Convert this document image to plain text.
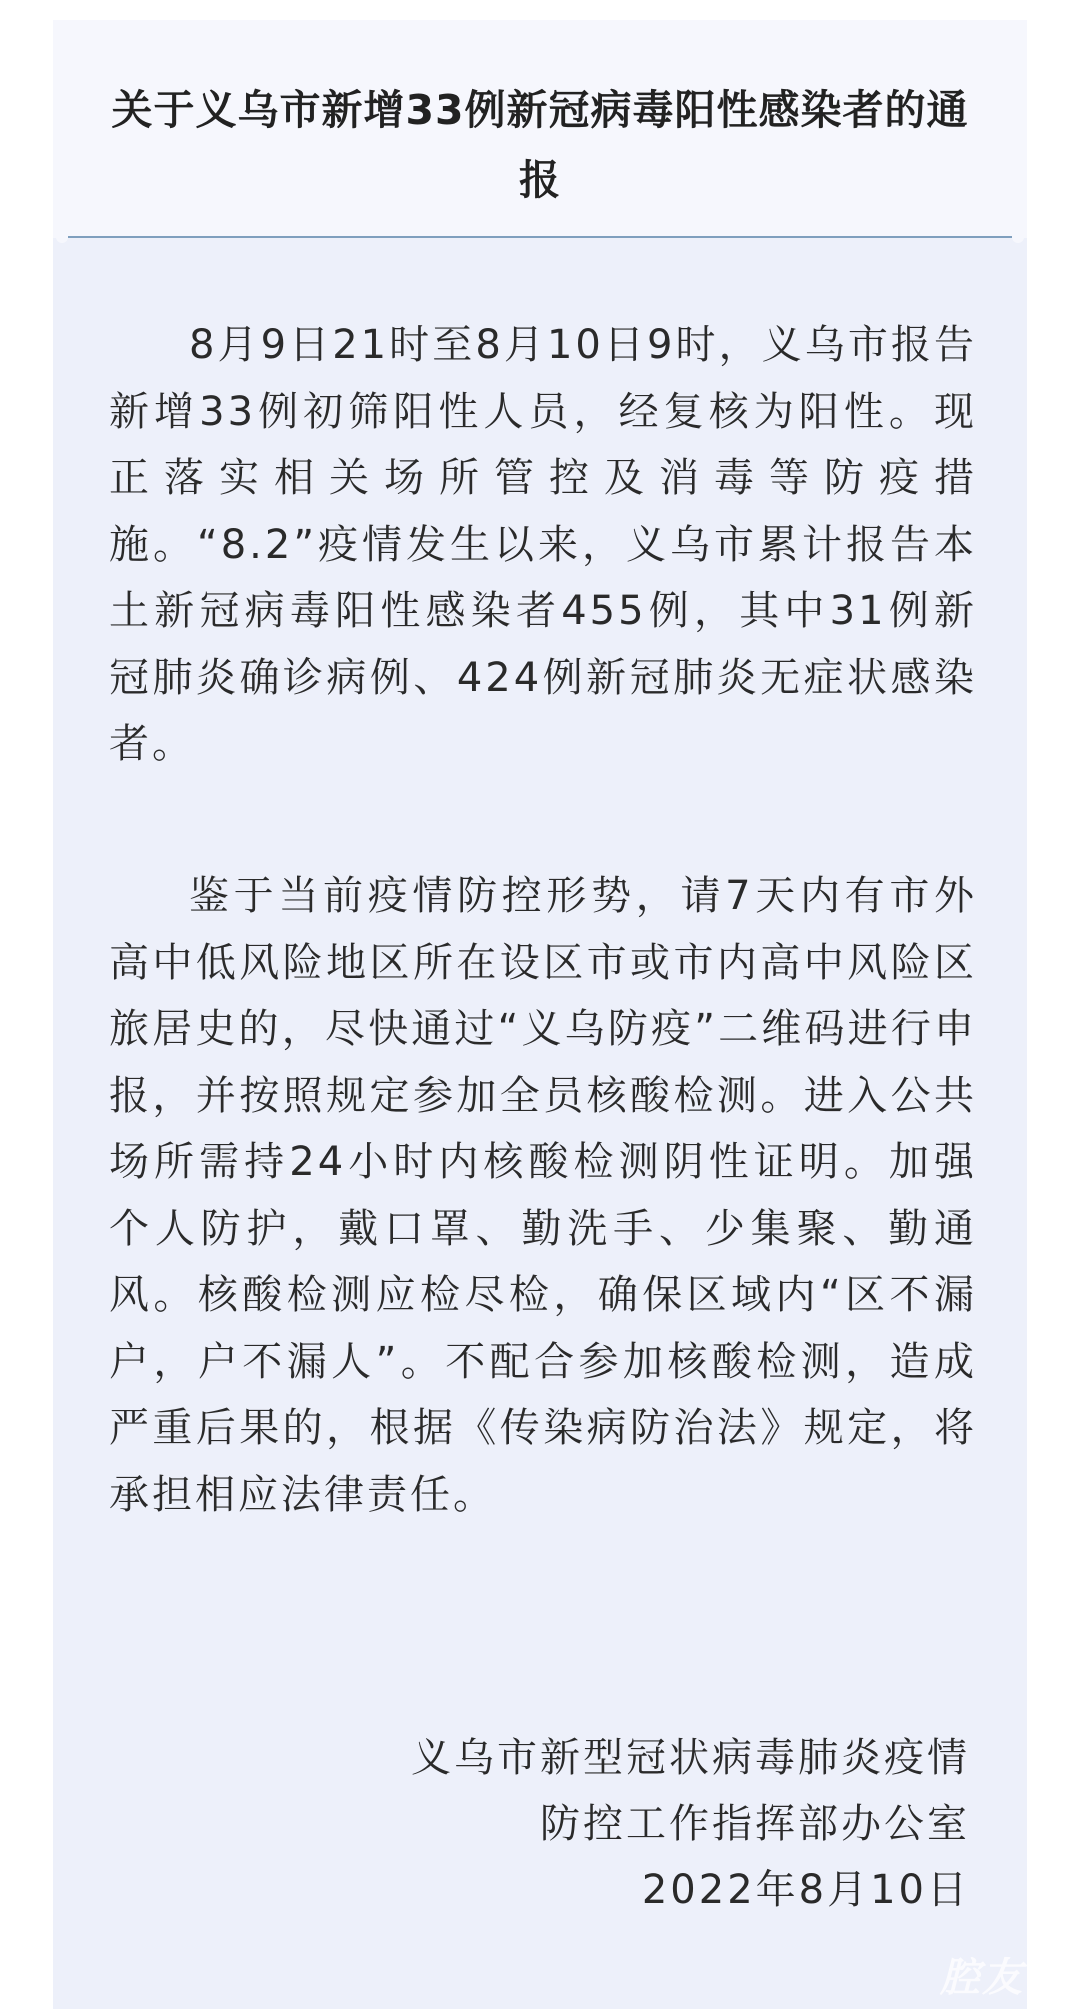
关于义乌市新增33例新冠病毒阳性感染者的通报

8月9日21时至8月10日9时，义乌市报告新增33例初筛阳性人员，经复核为阳性。现正落实相关场所管控及消毒等防疫措施。“8.2”疫情发生以来，义乌市累计报告本土新冠病毒阳性感染者455例，其中31例新冠肺炎确诊病例、424例新冠肺炎无症状感染者。

鉴于当前疫情防控形势，请7天内有市外高中低风险地区所在设区市或市内高中风险区旅居史的，尽快通过“义乌防疫”二维码进行申报，并按照规定参加全员核酸检测。进入公共场所需持24小时内核酸检测阴性证明。加强个人防护，戴口罩、勤洗手、少集聚、勤通风。核酸检测应检尽检，确保区域内“区不漏户，户不漏人”。不配合参加核酸检测，造成严重后果的，根据《传染病防治法》规定，将承担相应法律责任。

义乌市新型冠状病毒肺炎疫情

防控工作指挥部办公室

2022年8月10日

腔友
